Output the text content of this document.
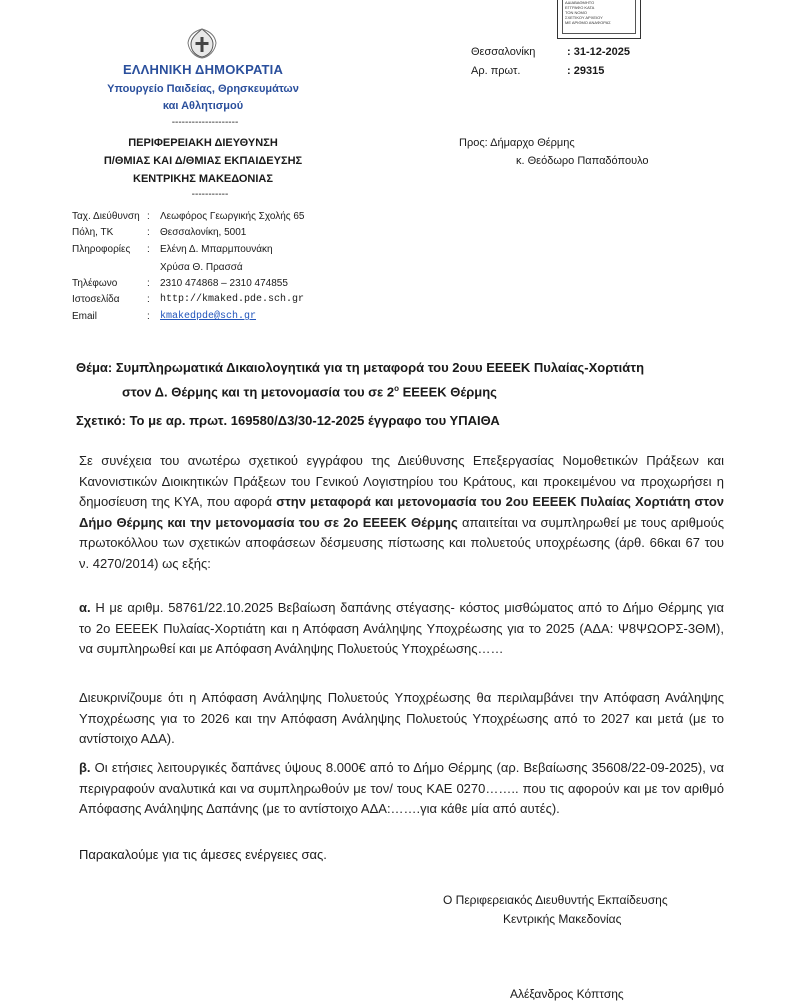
ΑΔΙΑΒΑΘΜΗΤΟ
ΕΓΓΡΑΦΟ ΚΑΤΑ
ΤΟΝ ΝΟΜΟ
ΣΧΕΤΙΚΟΥ ΑΡΧΕΙΟΥ
ΜΕ ΑΡΙΘΜΟ ΑΝΑΦΟΡΑΣ
ΕΛΛΗΝΙΚΗ ΔΗΜΟΚΡΑΤΙΑ
Υπουργείο Παιδείας, Θρησκευμάτων
και Αθλητισμού
--------------------
ΠΕΡΙΦΕΡΕΙΑΚΗ ΔΙΕΥΘΥΝΣΗ
Π/ΘΜΙΑΣ ΚΑΙ Δ/ΘΜΙΑΣ ΕΚΠΑΙΔΕΥΣΗΣ
ΚΕΝΤΡΙΚΗΣ ΜΑΚΕΔΟΝΙΑΣ
-----------
Ταχ. Διεύθυνση : Λεωφόρος Γεωργικής Σχολής 65
Πόλη, ΤΚ	: Θεσσαλονίκη, 5001
Πληροφορίες : Ελένη Δ. Μπαρμπουνάκη
Χρύσα Θ. Πρασσά
Τηλέφωνο	: 2310 474868 – 2310 474855
Ιστοσελίδα	: http://kmaked.pde.sch.gr
Email	: kmakedpde@sch.gr
Θεσσαλονίκη	: 31-12-2025
Αρ. πρωτ.	: 29315
Προς: Δήμαρχο Θέρμης
κ. Θεόδωρο Παπαδόπουλο
Θέμα: Συμπληρωματικά Δικαιολογητικά για τη μεταφορά του 2ουυ ΕΕΕΕΚ Πυλαίας-Χορτιάτη
στον Δ. Θέρμης και τη μετονομασία του σε $2^o$ ΕΕΕΕΚ Θέρμης
Σχετικό: Το με αρ. πρωτ. 169580/Δ3/30-12-2025 έγγραφο του ΥΠΑΙΘΑ
Σε συνέχεια του ανωτέρω σχετικού εγγράφου της Διεύθυνσης Επεξεργασίας Νομοθετικών Πράξεων και Κανονιστικών Διοικητικών Πράξεων του Γενικού Λογιστηρίου του Κράτους, και προκειμένου να προχωρήσει η δημοσίευση της ΚΥΑ, που αφορά στην μεταφορά και μετονομασία του 2ου ΕΕΕΕΚ Πυλαίας Χορτιάτη στον Δήμο Θέρμης και την μετονομασία του σε 2ο ΕΕΕΕΚ Θέρμης απαιτείται να συμπληρωθεί με τους αριθμούς πρωτοκόλλου των σχετικών αποφάσεων δέσμευσης πίστωσης και πολυετούς υποχρέωσης (άρθ. 66και 67 του ν. 4270/2014) ως εξής:
α. Η με αριθμ. 58761/22.10.2025 Βεβαίωση δαπάνης στέγασης- κόστος μισθώματος από το Δήμο Θέρμης για το 2ο ΕΕΕΕΚ Πυλαίας-Χορτιάτη και η Απόφαση Ανάληψης Υποχρέωσης για το 2025 (ΑΔΑ: Ψ8ΨΩΟΡΣ-3ΘΜ), να συμπληρωθεί και με Απόφαση Ανάληψης Πολυετούς Υποχρέωσης……
Διευκρινίζουμε ότι η Απόφαση Ανάληψης Πολυετούς Υποχρέωσης θα περιλαμβάνει την Απόφαση Ανάληψης Υποχρέωσης για το 2026 και την Απόφαση Ανάληψης Πολυετούς Υποχρέωσης από το 2027 και μετά (με το αντίστοιχο ΑΔΑ).
β. Οι ετήσιες λειτουργικές δαπάνες ύψους 8.000€ από το Δήμο Θέρμης (αρ. Βεβαίωσης 35608/22-09-2025), να περιγραφούν αναλυτικά και να συμπληρωθούν με τον/ τους ΚΑΕ 0270…….. που τις αφορούν και με τον αριθμό Απόφασης Ανάληψης Δαπάνης (με το αντίστοιχο ΑΔΑ:…….για κάθε μία από αυτές).
Παρακαλούμε για τις άμεσες ενέργειες σας.
Ο Περιφερειακός Διευθυντής Εκπαίδευσης
Κεντρικής Μακεδονίας
Αλέξανδρος Κόπτσης
